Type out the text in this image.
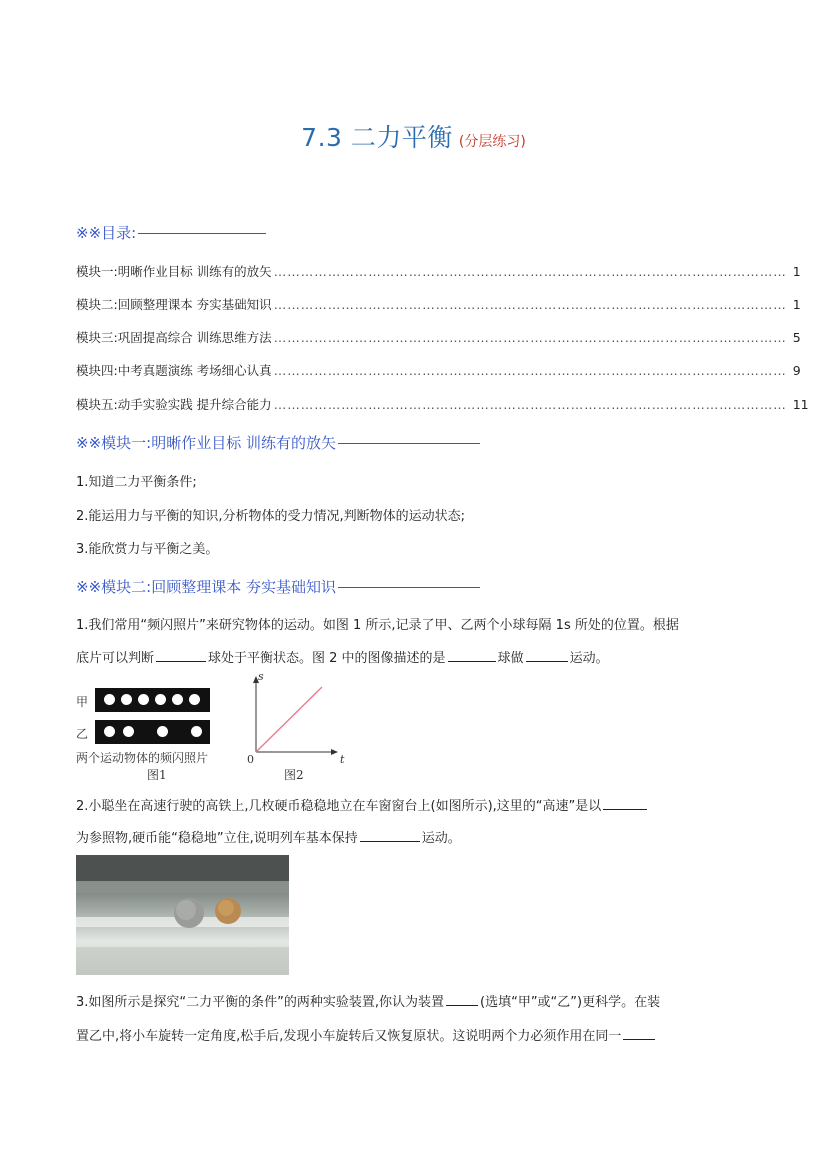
7.3 二力平衡 (分层练习)
※※目录:
模块一:明晰作业目标 训练有的放矢 …………………………………………………………………………………………………… 1
模块二:回顾整理课本 夯实基础知识 …………………………………………………………………………………………………… 1
模块三:巩固提高综合 训练思维方法 …………………………………………………………………………………………………… 5
模块四:中考真题演练 考场细心认真 …………………………………………………………………………………………………… 9
模块五:动手实验实践 提升综合能力 …………………………………………………………………………………………………… 11
※※模块一:明晰作业目标 训练有的放矢
1.知道二力平衡条件;
2.能运用力与平衡的知识,分析物体的受力情况,判断物体的运动状态;
3.能欣赏力与平衡之美。
※※模块二:回顾整理课本 夯实基础知识
1.我们常用“频闪照片”来研究物体的运动。如图 1 所示,记录了甲、乙两个小球每隔 1s 所处的位置。根据
底片可以判断	球处于平衡状态。图 2 中的图像描述的是	球做	运动。
甲
乙
两个运动物体的频闪照片
图1
s
t
0
图2
2.小聪坐在高速行驶的高铁上,几枚硬币稳稳地立在车窗窗台上(如图所示),这里的“高速”是以
为参照物,硬币能“稳稳地”立住,说明列车基本保持	运动。
3.如图所示是探究“二力平衡的条件”的两种实验装置,你认为装置	(选填“甲”或“乙”)更科学。在装
置乙中,将小车旋转一定角度,松手后,发现小车旋转后又恢复原状。这说明两个力必须作用在同一
